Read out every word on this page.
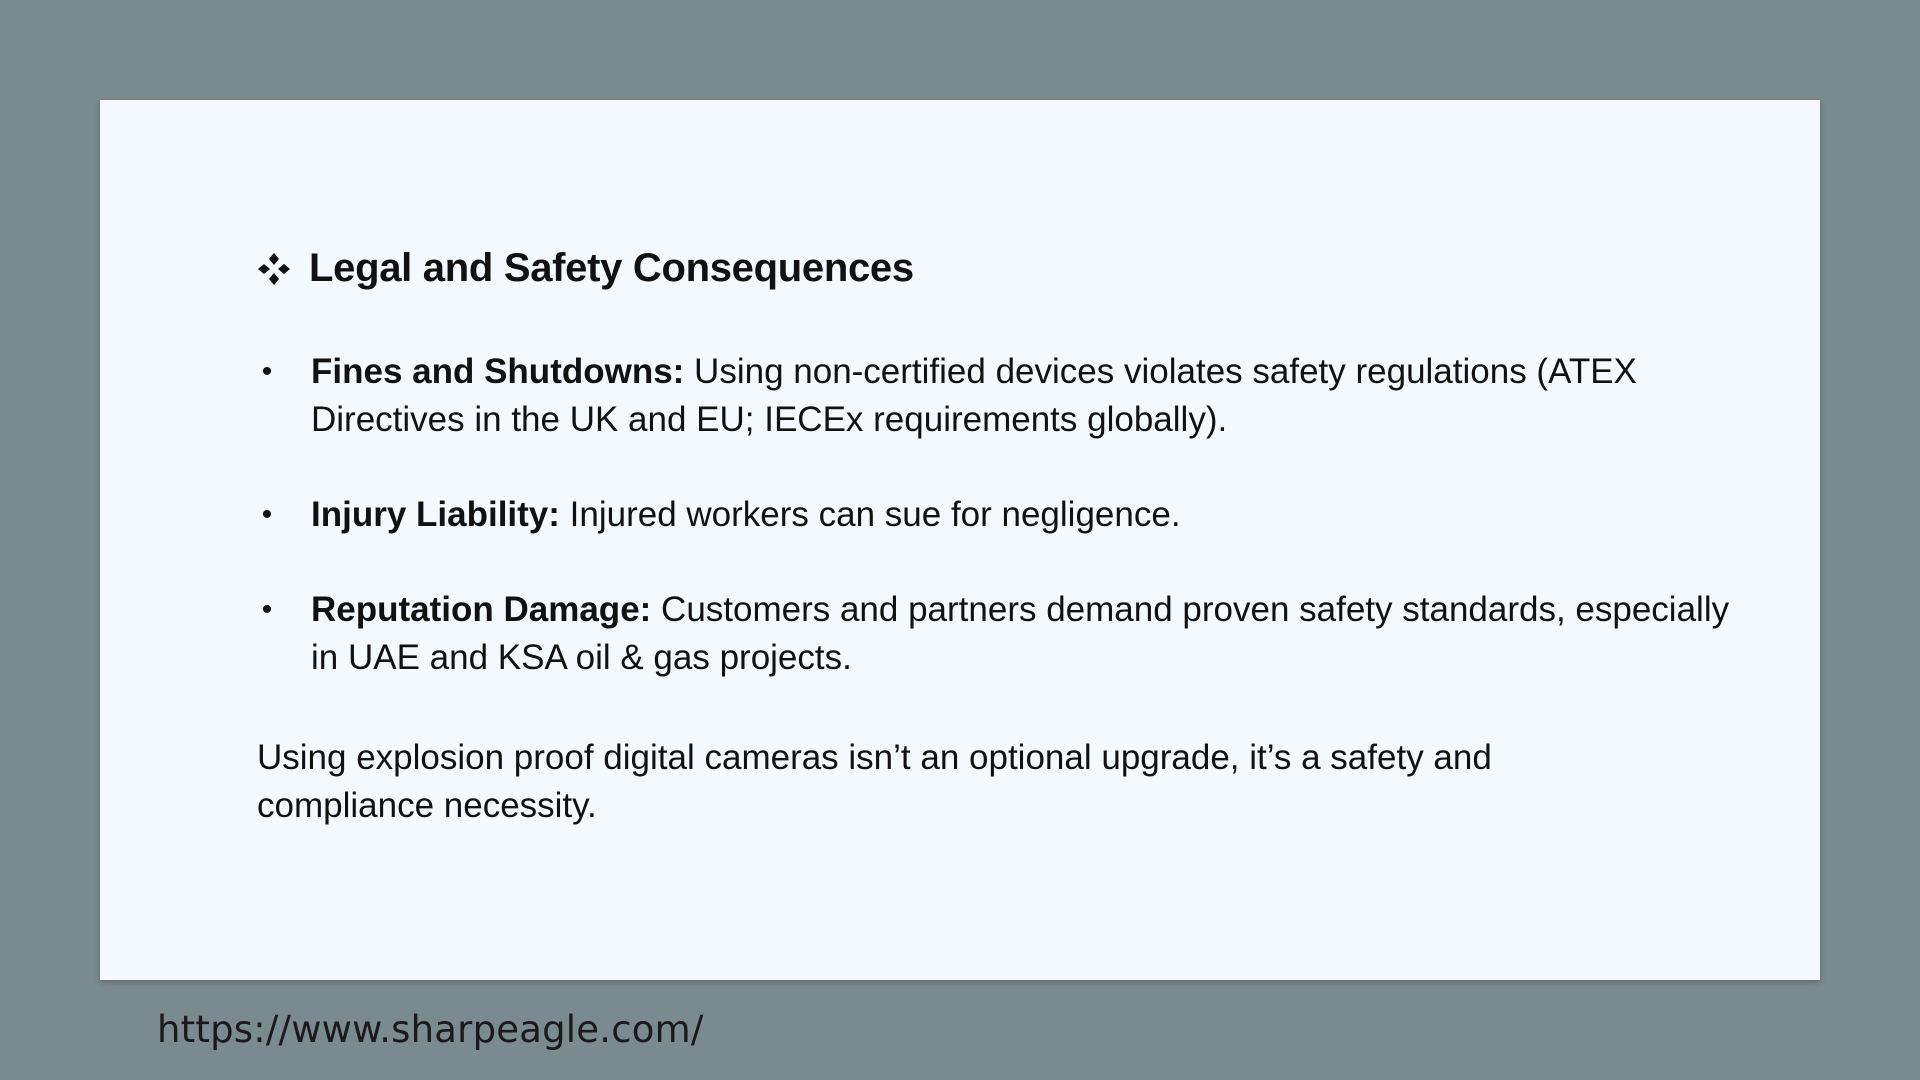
Legal and Safety Consequences
• Fines and Shutdowns: Using non-certified devices violates safety regulations (ATEX Directives in the UK and EU; IECEx requirements globally).
• Injury Liability: Injured workers can sue for negligence.
• Reputation Damage: Customers and partners demand proven safety standards, especially in UAE and KSA oil & gas projects.

Using explosion proof digital cameras isn’t an optional upgrade, it’s a safety and compliance necessity.

https://www.sharpeagle.com/
